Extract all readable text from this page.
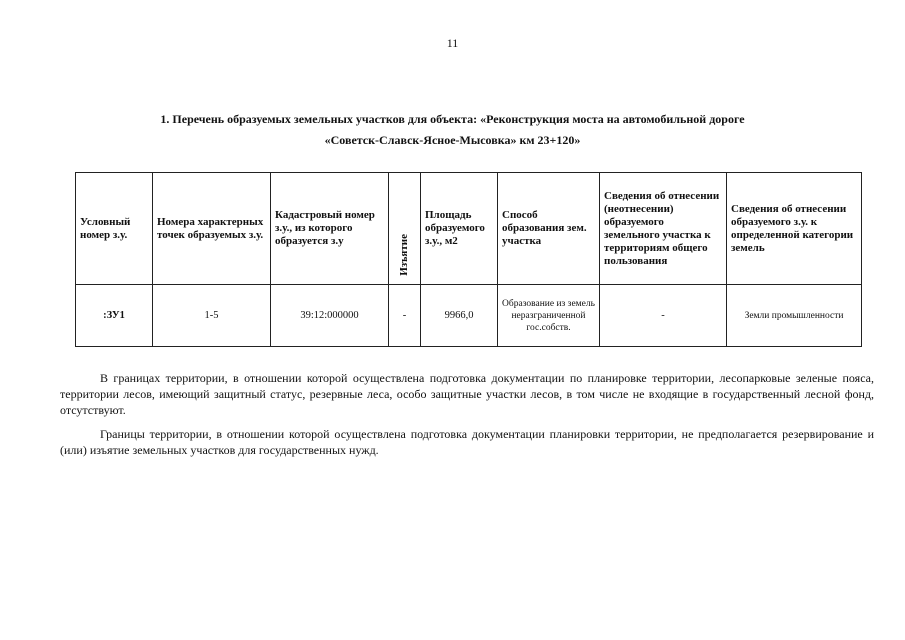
11
1. Перечень образуемых земельных участков для объекта: «Реконструкция моста на автомобильной дороге
«Советск-Славск-Ясное-Мысовка» км 23+120»
Условный номер з.у.	Номера характерных точек образуемых з.у.	Кадастровый номер з.у., из которого образуется з.у	Изъятие	Площадь образуемого з.у., м2	Способ образования зем. участка	Сведения об отнесении (неотнесении) образуемого земельного участка к территориям общего пользования	Сведения об отнесении образуемого з.у. к определенной категории земель
:ЗУ1	1-5	39:12:000000	-	9966,0	Образование из земель неразграниченной гос.собств.	-	Земли промышленности

В границах территории, в отношении которой осуществлена подготовка документации по планировке территории, лесопарковые зеленые пояса, территории лесов, имеющий защитный статус, резервные леса, особо защитные участки лесов, в том числе не входящие в государственный лесной фонд, отсутствуют.

Границы территории, в отношении которой осуществлена подготовка документации планировки территории, не предполагается резервирование и (или) изъятие земельных участков для государственных нужд.
